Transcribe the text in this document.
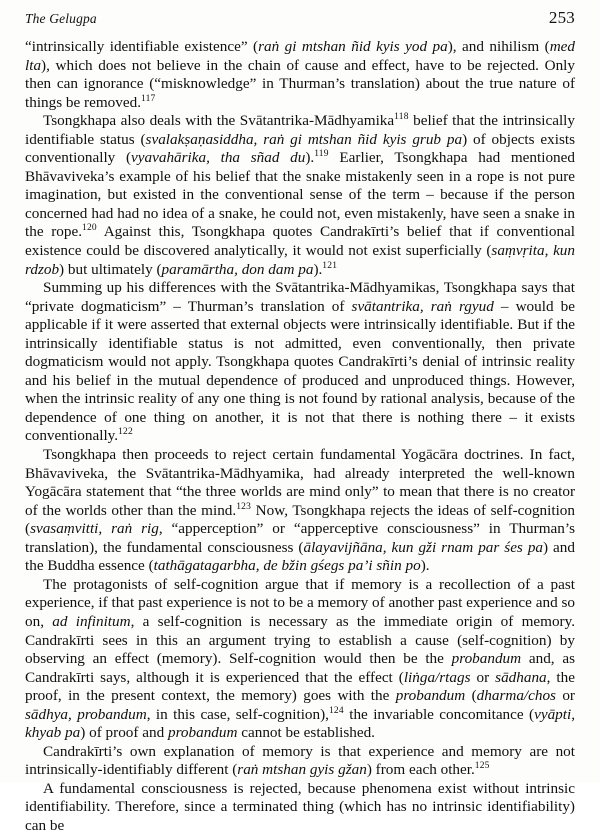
The Gelugpa	253

“intrinsically identifiable existence” (raṅ gi mtshan ñid kyis yod pa), and nihilism (med lta), which does not believe in the chain of cause and effect, have to be rejected. Only then can ignorance (“misknowledge” in Thurman’s translation) about the true nature of things be removed.$^{117}$

Tsongkhapa also deals with the Svātantrika-Mādhyamika$^{118}$ belief that the intrinsically identifiable status (svalakṣaṇasiddha, raṅ gi mtshan ñid kyis grub pa) of objects exists conventionally (vyavahārika, tha sñad du).$^{119}$ Earlier, Tsongkhapa had mentioned Bhāvaviveka’s example of his belief that the snake mistakenly seen in a rope is not pure imagination, but existed in the conventional sense of the term – because if the person concerned had had no idea of a snake, he could not, even mistakenly, have seen a snake in the rope.$^{120}$ Against this, Tsongkhapa quotes Candrakīrti’s belief that if conventional existence could be discovered analytically, it would not exist superficially (saṃvṛita, kun rdzob) but ultimately (paramārtha, don dam pa).$^{121}$

Summing up his differences with the Svātantrika-Mādhyamikas, Tsongkhapa says that “private dogmaticism” – Thurman’s translation of svātantrika, raṅ rgyud – would be applicable if it were asserted that external objects were intrinsically identifiable. But if the intrinsically identifiable status is not admitted, even conventionally, then private dogmaticism would not apply. Tsongkhapa quotes Candrakīrti’s denial of intrinsic reality and his belief in the mutual dependence of produced and unproduced things. However, when the intrinsic reality of any one thing is not found by rational analysis, because of the dependence of one thing on another, it is not that there is nothing there – it exists conventionally.$^{122}$

Tsongkhapa then proceeds to reject certain fundamental Yogācāra doctrines. In fact, Bhāvaviveka, the Svātantrika-Mādhyamika, had already interpreted the well-known Yogācāra statement that “the three worlds are mind only” to mean that there is no creator of the worlds other than the mind.$^{123}$ Now, Tsongkhapa rejects the ideas of self-cognition (svasaṃvitti, raṅ rig, “apperception” or “apperceptive consciousness” in Thurman’s translation), the fundamental consciousness (ālayavijñāna, kun gži rnam par śes pa) and the Buddha essence (tathāgatagarbha, de bžin gśegs pa’i sñin po).

The protagonists of self-cognition argue that if memory is a recollection of a past experience, if that past experience is not to be a memory of another past experience and so on, ad infinitum, a self-cognition is necessary as the immediate origin of memory. Candrakīrti sees in this an argument trying to establish a cause (self-cognition) by observing an effect (memory). Self-cognition would then be the probandum and, as Candrakīrti says, although it is experienced that the effect (liṅga/rtags or sādhana, the proof, in the present context, the memory) goes with the probandum (dharma/chos or sādhya, probandum, in this case, self-cognition),$^{124}$ the invariable concomitance (vyāpti, khyab pa) of proof and probandum cannot be established.

Candrakīrti’s own explanation of memory is that experience and memory are not intrinsically-identifiably different (raṅ mtshan gyis gžan) from each other.$^{125}$

A fundamental consciousness is rejected, because phenomena exist without intrinsic identifiability. Therefore, since a terminated thing (which has no intrinsic identifiability) can be
